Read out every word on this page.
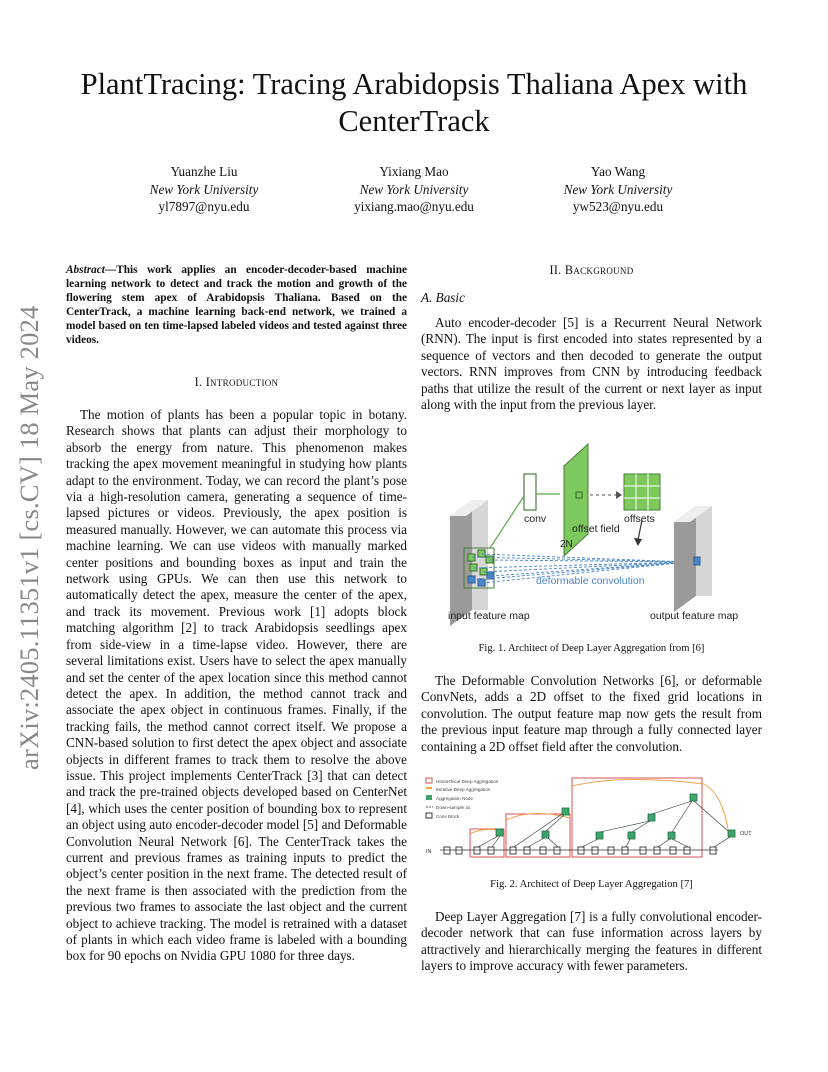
PlantTracing: Tracing Arabidopsis Thaliana Apex with CenterTrack
Yuanzhe Liu
New York University
yl7897@nyu.edu
Yixiang Mao
New York University
yixiang.mao@nyu.edu
Yao Wang
New York University
yw523@nyu.edu
arXiv:2405.11351v1 [cs.CV] 18 May 2024
Abstract—This work applies an encoder-decoder-based machine learning network to detect and track the motion and growth of the flowering stem apex of Arabidopsis Thaliana. Based on the CenterTrack, a machine learning back-end network, we trained a model based on ten time-lapsed labeled videos and tested against three videos.
I. Introduction

The motion of plants has been a popular topic in botany. Research shows that plants can adjust their morphology to absorb the energy from nature. This phenomenon makes tracking the apex movement meaningful in studying how plants adapt to the environment. Today, we can record the plant’s pose via a high-resolution camera, generating a sequence of time-lapsed pictures or videos. Previously, the apex position is measured manually. However, we can automate this process via machine learning. We can use videos with manually marked center positions and bounding boxes as input and train the network using GPUs. We can then use this network to automatically detect the apex, measure the center of the apex, and track its movement. Previous work [1] adopts block matching algorithm [2] to track Arabidopsis seedlings apex from side-view in a time-lapse video. However, there are several limitations exist. Users have to select the apex manually and set the center of the apex location since this method cannot detect the apex. In addition, the method cannot track and associate the apex object in continuous frames. Finally, if the tracking fails, the method cannot correct itself. We propose a CNN-based solution to first detect the apex object and associate objects in different frames to track them to resolve the above issue. This project implements CenterTrack [3] that can detect and track the pre-trained objects developed based on CenterNet [4], which uses the center position of bounding box to represent an object using auto encoder-decoder model [5] and Deformable Convolution Neural Network [6]. The CenterTrack takes the current and previous frames as training inputs to predict the object’s center position in the next frame. The detected result of the next frame is then associated with the prediction from the previous two frames to associate the last object and the current object to achieve tracking. The model is retrained with a dataset of plants in which each video frame is labeled with a bounding box for 90 epochs on Nvidia GPU 1080 for three days.

II. Background
A. Basic

Auto encoder-decoder [5] is a Recurrent Neural Network (RNN). The input is first encoded into states represented by a sequence of vectors and then decoded to generate the output vectors. RNN improves from CNN by introducing feedback paths that utilize the result of the current or next layer as input along with the input from the previous layer.

conv
offset field
offsets
2N
deformable convolution
input feature map	output feature map
Fig. 1. Architect of Deep Layer Aggregation from [6]

The Deformable Convolution Networks [6], or deformable ConvNets, adds a 2D offset to the fixed grid locations in convolution. The output feature map now gets the result from the previous input feature map through a fully connected layer containing a 2D offset field after the convolution.

Hierarchical Deep Aggregation
Iterative Deep Aggregation
Aggregation Node
Down-sample 2x
Conv Block
IN
OUT
Fig. 2. Architect of Deep Layer Aggregation [7]

Deep Layer Aggregation [7] is a fully convolutional encoder-decoder network that can fuse information across layers by attractively and hierarchically merging the features in different layers to improve accuracy with fewer parameters.
